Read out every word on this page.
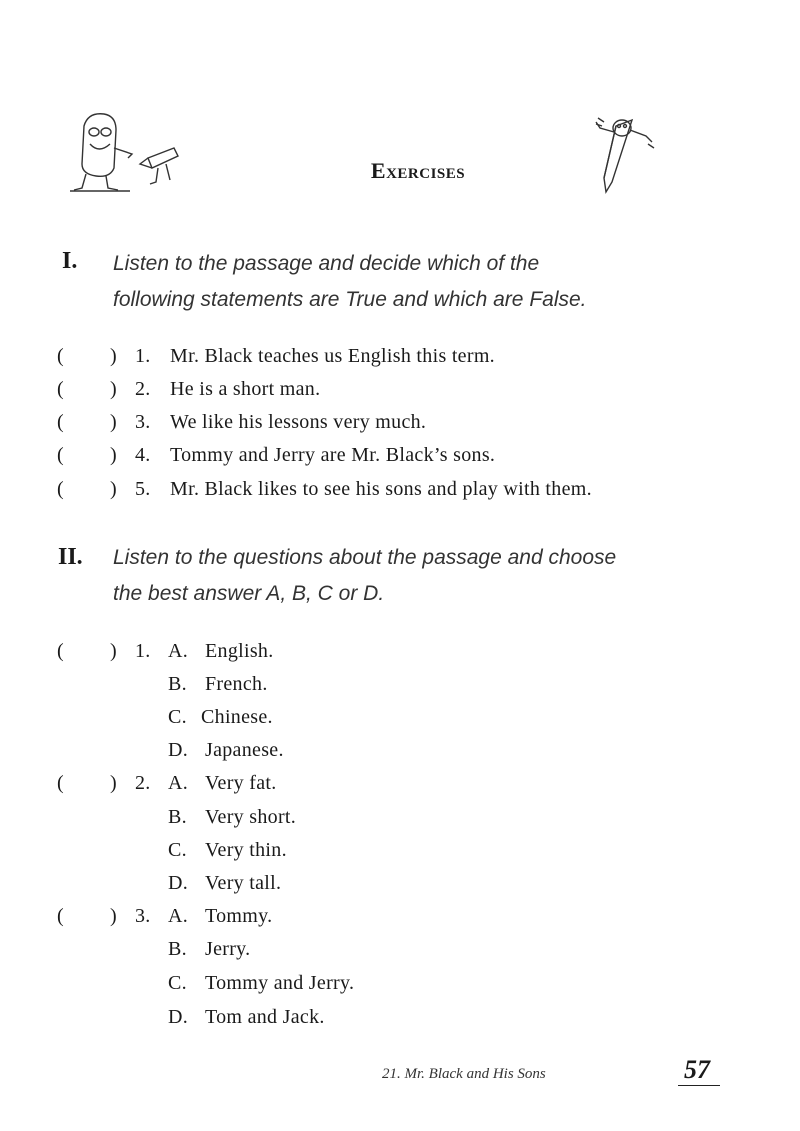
Exercises
I. Listen to the passage and decide which of the
following statements are True and which are False.
( ) 1. Mr. Black teaches us English this term.
( ) 2. He is a short man.
( ) 3. We like his lessons very much.
( ) 4. Tommy and Jerry are Mr. Black’s sons.
( ) 5. Mr. Black likes to see his sons and play with them.
II. Listen to the questions about the passage and choose
the best answer A, B, C or D.
( ) 1. A. English.
B. French.
C. Chinese.
D. Japanese.
( ) 2. A. Very fat.
B. Very short.
C. Very thin.
D. Very tall.
( ) 3. A. Tommy.
B. Jerry.
C. Tommy and Jerry.
D. Tom and Jack.
21. Mr. Black and His Sons	57
